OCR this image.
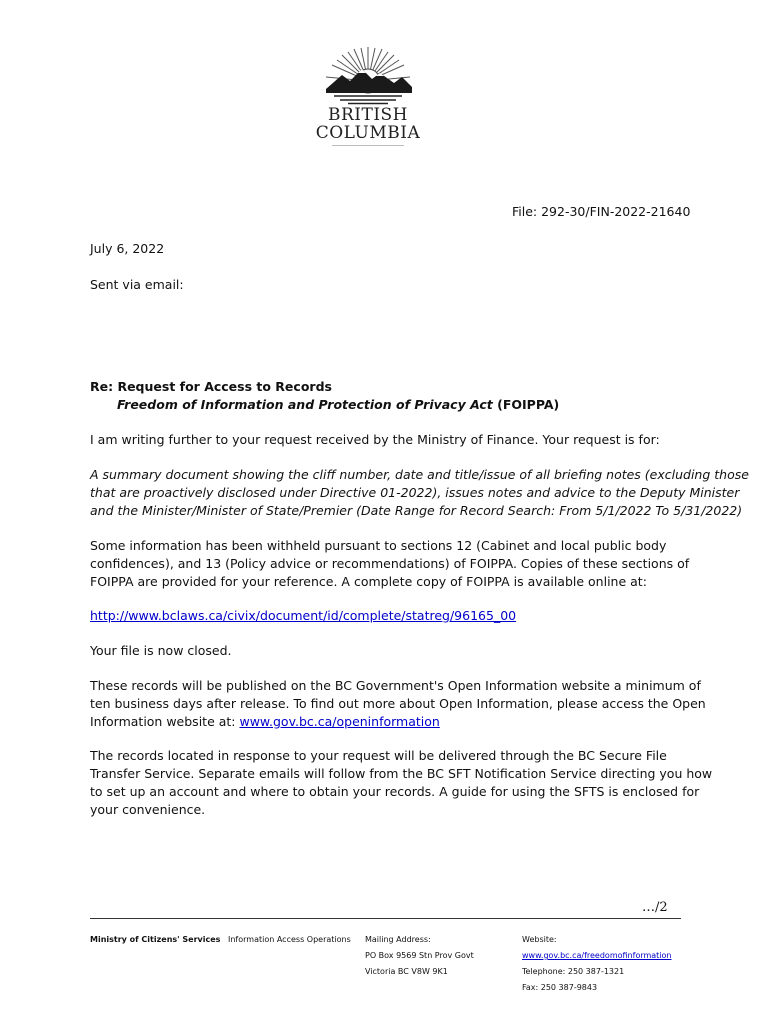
BRITISH
COLUMBIA
File: 292-30/FIN-2022-21640
July 6, 2022
Sent via email:
Re: Request for Access to Records
Freedom of Information and Protection of Privacy Act (FOIPPA)
I am writing further to your request received by the Ministry of Finance. Your request is for:
A summary document showing the cliff number, date and title/issue of all briefing notes (excluding those
that are proactively disclosed under Directive 01-2022), issues notes and advice to the Deputy Minister
and the Minister/Minister of State/Premier (Date Range for Record Search: From 5/1/2022 To 5/31/2022)
Some information has been withheld pursuant to sections 12 (Cabinet and local public body
confidences), and 13 (Policy advice or recommendations) of FOIPPA. Copies of these sections of
FOIPPA are provided for your reference. A complete copy of FOIPPA is available online at:
http://www.bclaws.ca/civix/document/id/complete/statreg/96165_00
Your file is now closed.
These records will be published on the BC Government's Open Information website a minimum of
ten business days after release. To find out more about Open Information, please access the Open
Information website at: www.gov.bc.ca/openinformation
The records located in response to your request will be delivered through the BC Secure File
Transfer Service. Separate emails will follow from the BC SFT Notification Service directing you how
to set up an account and where to obtain your records. A guide for using the SFTS is enclosed for
your convenience.
…/2
Ministry of Citizens' Services Information Access Operations Mailing Address:
PO Box 9569 Stn Prov Govt
Victoria BC V8W 9K1
Website:
www.gov.bc.ca/freedomofinformation
Telephone: 250 387-1321
Fax: 250 387-9843
